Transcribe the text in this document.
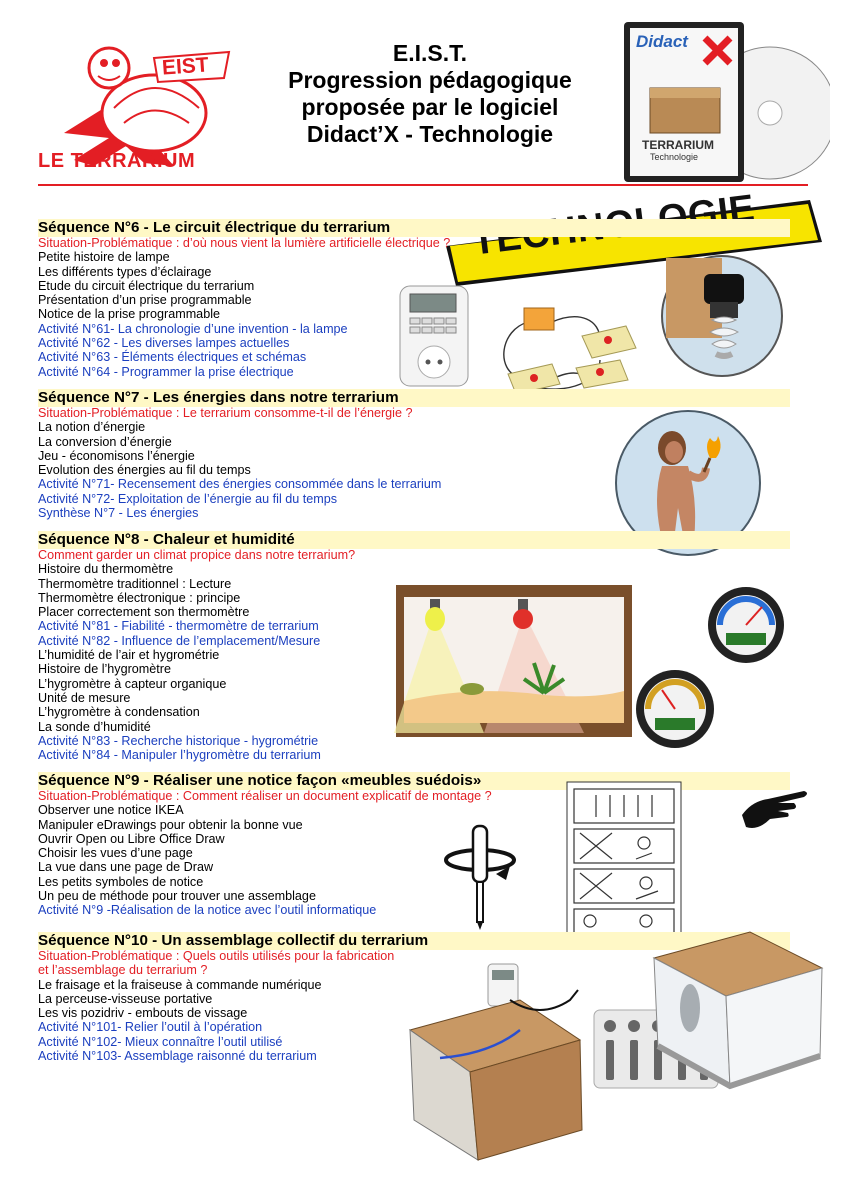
EIST
LE TERRARIUM
E.I.S.T.
Progression pédagogique
proposée par le logiciel
Didact’X - Technologie
Didact
TERRARIUM
Technologie
Séquence N°6 - Le circuit électrique du terrarium
Situation-Problématique : d’où nous vient la lumière artificielle électrique ?
Petite histoire de lampe
Les différents types d’éclairage
Etude du circuit électrique du terrarium
Présentation d’un prise programmable
Notice de la prise programmable
Activité N°61- La chronologie d’une invention - la lampe
Activité N°62 - Les diverses lampes actuelles
Activité N°63 - Éléments électriques et schémas
Activité N°64 - Programmer la prise électrique
Séquence N°7 - Les énergies dans notre terrarium
Situation-Problématique : Le terrarium consomme-t-il de l’énergie ?
La notion d’énergie
La conversion d’énergie
Jeu - économisons l’énergie
Evolution des énergies au fil du temps
Activité N°71- Recensement des énergies consommée dans le terrarium
Activité N°72- Exploitation de l’énergie au fil du temps
Synthèse N°7 - Les énergies
Séquence N°8 - Chaleur et humidité
Comment garder un climat propice dans notre terrarium?
Histoire du thermomètre
Thermomètre traditionnel : Lecture
Thermomètre électronique : principe
Placer correctement son thermomètre
Activité N°81 - Fiabilité - thermomètre de terrarium
Activité N°82 - Influence de l’emplacement/Mesure
L’humidité de l’air et hygrométrie
Histoire de l’hygromètre
L’hygromètre à capteur organique
Unité de mesure
L’hygromètre à condensation
La sonde d’humidité
Activité N°83 - Recherche historique - hygrométrie
Activité N°84 - Manipuler l’hygromètre du terrarium
Séquence N°9 - Réaliser une notice façon «meubles suédois»
Situation-Problématique : Comment réaliser un document explicatif de montage ?
Observer une notice IKEA
Manipuler eDrawings pour obtenir la bonne vue
Ouvrir Open ou Libre Office Draw
Choisir les vues d’une page
La vue dans une page de Draw
Les petits symboles de notice
Un peu de méthode pour trouver une assemblage
Activité N°9 -Réalisation de la notice avec l’outil informatique
Séquence N°10 - Un assemblage collectif du terrarium
Situation-Problématique : Quels outils utilisés pour la fabrication
et l’assemblage du terrarium ?
Le fraisage et la fraiseuse à commande numérique
La perceuse-visseuse portative
Les vis pozidriv - embouts de vissage
Activité N°101- Relier l’outil à l’opération
Activité N°102- Mieux connaître l’outil utilisé
Activité N°103- Assemblage raisonné du terrarium
